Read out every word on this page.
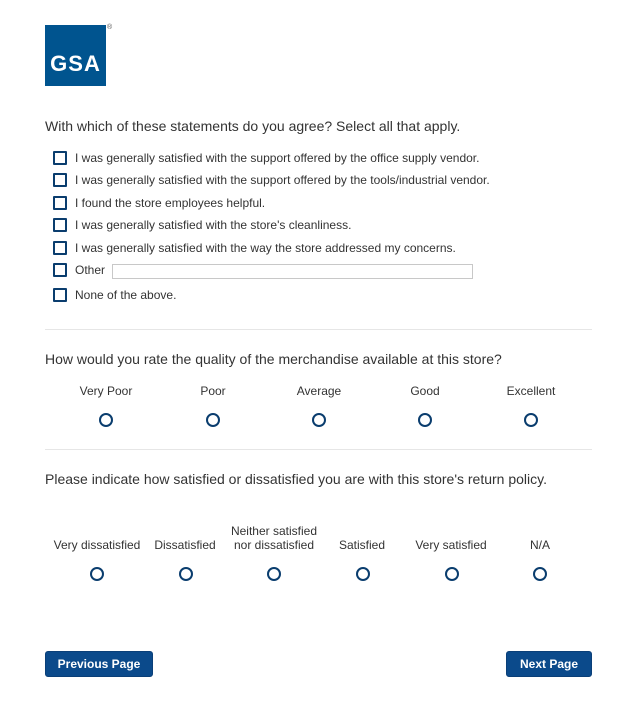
GSA
®
With which of these statements do you agree? Select all that apply.
I was generally satisfied with the support offered by the office supply vendor.
I was generally satisfied with the support offered by the tools/industrial vendor.
I found the store employees helpful.
I was generally satisfied with the store's cleanliness.
I was generally satisfied with the way the store addressed my concerns.
Other
None of the above.
How would you rate the quality of the merchandise available at this store?
Very Poor	Poor	Average	Good	Excellent
Please indicate how satisfied or dissatisfied you are with this store's return policy.
Very dissatisfied	Dissatisfied
Neither satisfied
nor dissatisfied	Satisfied	Very satisfied	N/A
Previous Page	Next Page
